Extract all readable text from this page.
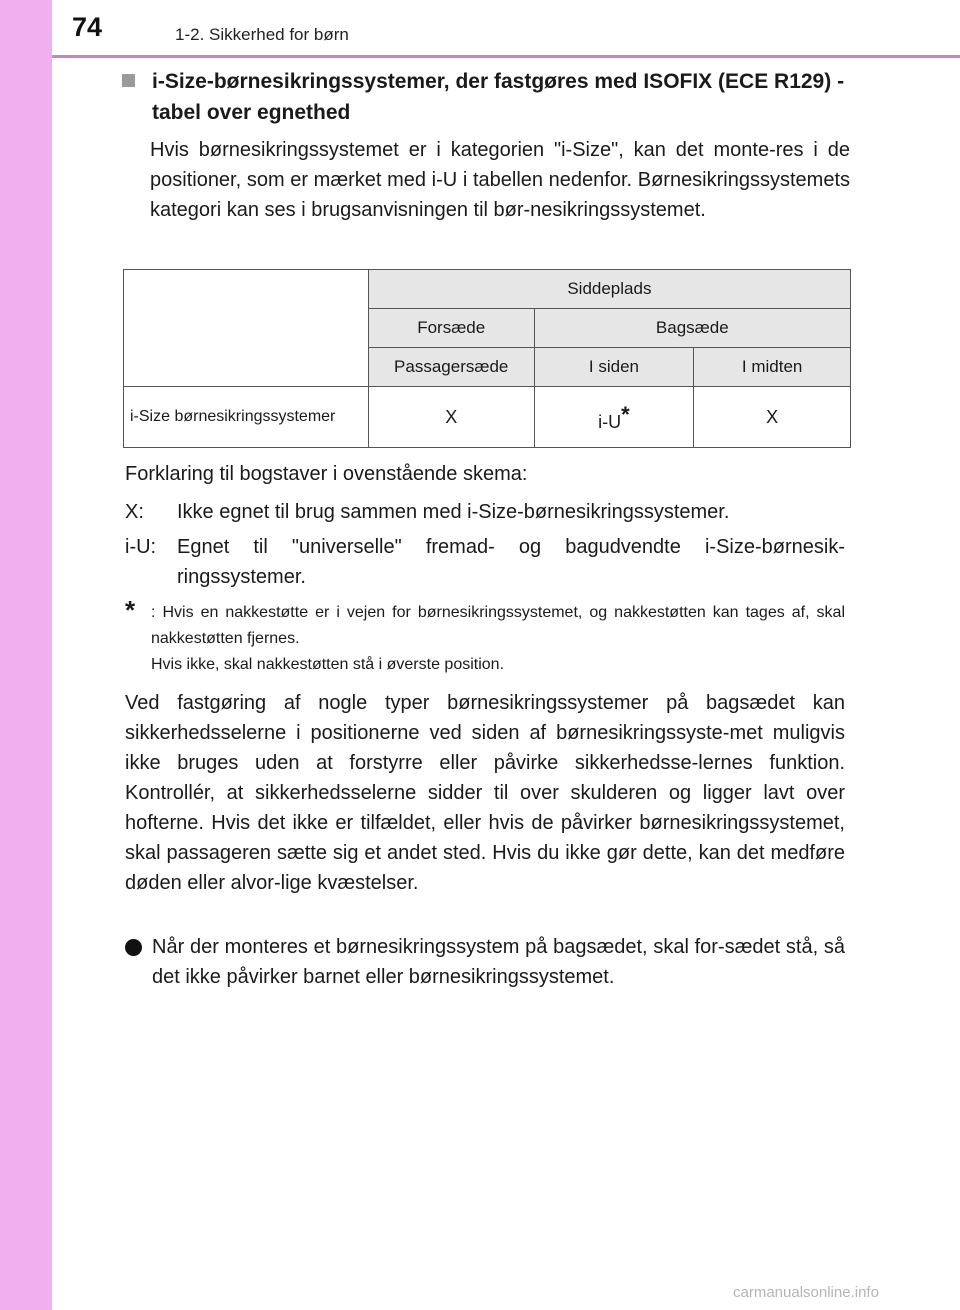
74	1-2. Sikkerhed for børn
i-Size-børnesikringssystemer, der fastgøres med ISOFIX (ECE R129) - tabel over egnethed

Hvis børnesikringssystemet er i kategorien "i-Size", kan det monte-res i de positioner, som er mærket med i-U i tabellen nedenfor. Børnesikringssystemets kategori kan ses i brugsanvisningen til bør-nesikringssystemet.

	Siddeplads		
	Forsæde	Bagsæde	
	Passagersæde	I siden	I midten
i-Size børnesikringssystemer	X	i-U*	X

Forklaring til bogstaver i ovenstående skema:

X: Ikke egnet til brug sammen med i-Size-børnesikringssystemer.
i-U: Egnet til "universelle" fremad- og bagudvendte i-Size-børnesik-ringssystemer.
* : Hvis en nakkestøtte er i vejen for børnesikringssystemet, og nakkestøtten kan tages af, skal nakkestøtten fjernes.
Hvis ikke, skal nakkestøtten stå i øverste position.

Ved fastgøring af nogle typer børnesikringssystemer på bagsædet kan sikkerhedsselerne i positionerne ved siden af børnesikringssyste-met muligvis ikke bruges uden at forstyrre eller påvirke sikkerhedsse-lernes funktion. Kontrollér, at sikkerhedsselerne sidder til over skulderen og ligger lavt over hofterne. Hvis det ikke er tilfældet, eller hvis de påvirker børnesikringssystemet, skal passageren sætte sig et andet sted. Hvis du ikke gør dette, kan det medføre døden eller alvor-lige kvæstelser.

Når der monteres et børnesikringssystem på bagsædet, skal for-sædet stå, så det ikke påvirker barnet eller børnesikringssystemet.
carmanualsonline.info
